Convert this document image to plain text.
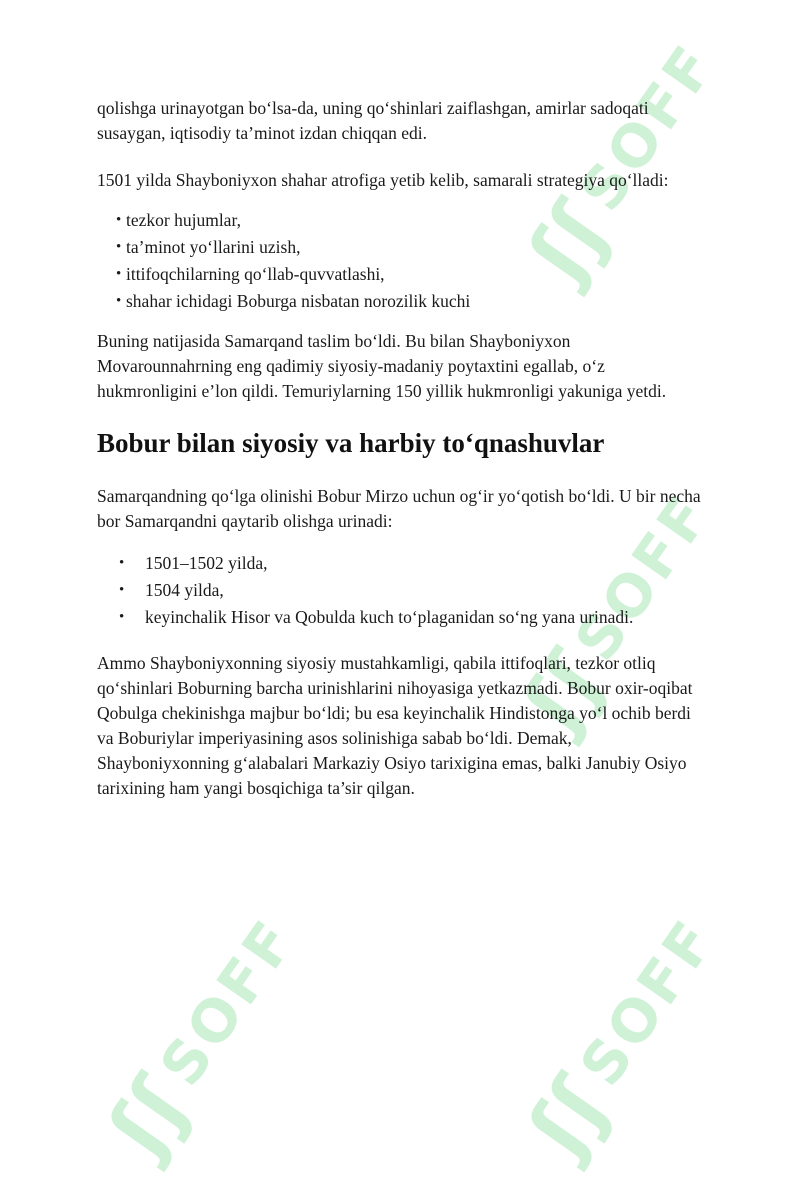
ʃʃ
SOFF
ʃʃ
SOFF
ʃʃ
SOFF
ʃʃ
SOFF

qolishga urinayotgan bo‘lsa-da, uning qo‘shinlari zaiflashgan, amirlar sadoqati susaygan, iqtisodiy ta’minot izdan chiqqan edi.

1501 yilda Shayboniyxon shahar atrofiga yetib kelib, samarali strategiya qo‘lladi:

• tezkor hujumlar,
• ta’minot yo‘llarini uzish,
• ittifoqchilarning qo‘llab-quvvatlashi,
• shahar ichidagi Boburga nisbatan norozilik kuchi

Buning natijasida Samarqand taslim bo‘ldi. Bu bilan Shayboniyxon Movarounnahrning eng qadimiy siyosiy-madaniy poytaxtini egallab, o‘z hukmronligini e’lon qildi. Temuriylarning 150 yillik hukmronligi yakuniga yetdi.

Bobur bilan siyosiy va harbiy to‘qnashuvlar

Samarqandning qo‘lga olinishi Bobur Mirzo uchun og‘ir yo‘qotish bo‘ldi. U bir necha bor Samarqandni qaytarib olishga urinadi:

• 1501–1502 yilda,
• 1504 yilda,
• keyinchalik Hisor va Qobulda kuch to‘plaganidan so‘ng yana urinadi.

Ammo Shayboniyxonning siyosiy mustahkamligi, qabila ittifoqlari, tezkor otliq qo‘shinlari Boburning barcha urinishlarini nihoyasiga yetkazmadi. Bobur oxir-oqibat Qobulga chekinishga majbur bo‘ldi; bu esa keyinchalik Hindistonga yo‘l ochib berdi va Boburiylar imperiyasining asos solinishiga sabab bo‘ldi. Demak, Shayboniyxonning g‘alabalari Markaziy Osiyo tarixigina emas, balki Janubiy Osiyo tarixining ham yangi bosqichiga ta’sir qilgan.
